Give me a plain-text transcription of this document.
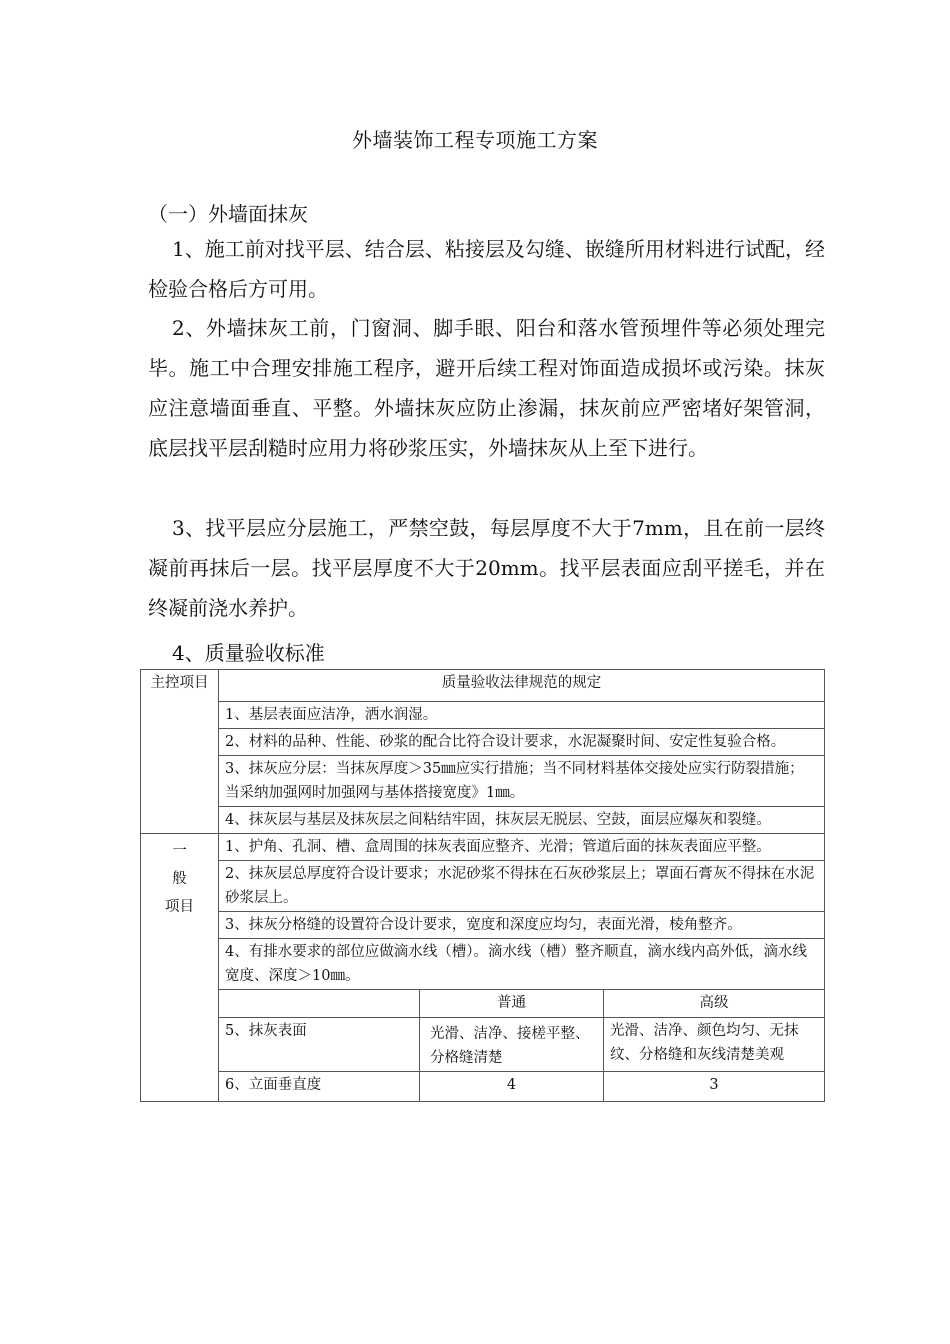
外墙装饰工程专项施工方案
（一）外墙面抹灰

1、施工前对找平层、结合层、粘接层及勾缝、嵌缝所用材料进行试配，经检验合格后方可用。

2、外墙抹灰工前，门窗洞、脚手眼、阳台和落水管预埋件等必须处理完毕。施工中合理安排施工程序，避开后续工程对饰面造成损坏或污染。抹灰应注意墙面垂直、平整。外墙抹灰应防止渗漏，抹灰前应严密堵好架管洞，底层找平层刮糙时应用力将砂浆压实，外墙抹灰从上至下进行。

3、找平层应分层施工，严禁空鼓，每层厚度不大于7mm，且在前一层终凝前再抹后一层。找平层厚度不大于20mm。找平层表面应刮平搓毛，并在终凝前浇水养护。

4、质量验收标准

主控项目	质量验收法律规范的规定		
	1、基层表面应洁净，洒水润湿。		
	2、材料的品种、性能、砂浆的配合比符合设计要求，水泥凝聚时间、安定性复验合格。		
	3、抹灰应分层：当抹灰厚度＞35㎜应实行措施；当不同材料基体交接处应实行防裂措施；当采纳加强网时加强网与基体搭接宽度》1㎜。		
	4、抹灰层与基层及抹灰层之间粘结牢固，抹灰层无脱层、空鼓，面层应爆灰和裂缝。		

一
般
项目	1、护角、孔洞、槽、盒周围的抹灰表面应整齐、光滑；管道后面的抹灰表面应平整。		
	2、抹灰层总厚度符合设计要求；水泥砂浆不得抹在石灰砂浆层上；罩面石膏灰不得抹在水泥砂浆层上。		
	3、抹灰分格缝的设置符合设计要求，宽度和深度应均匀，表面光滑，棱角整齐。		
	4、有排水要求的部位应做滴水线（槽）。滴水线（槽）整齐顺直，滴水线内高外低，滴水线宽度、深度＞10㎜。		
		普通	高级
	5、抹灰表面	光滑、洁净、接槎平整、
分格缝清楚	光滑、洁净、颜色均匀、无抹纹、分格缝和灰线清楚美观
	6、立面垂直度	4	3
